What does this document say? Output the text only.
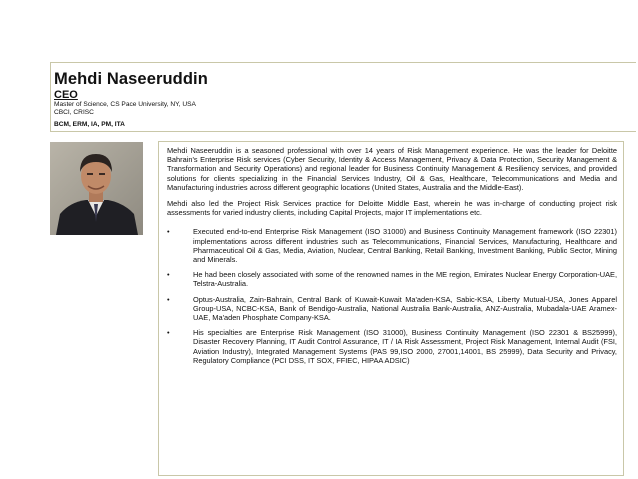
Mehdi Naseeruddin
CEO
Master of Science, CS Pace University, NY, USA
CBCI, CRISC
BCM, ERM, IA, PM, ITA

Mehdi Naseeruddin is a seasoned professional with over 14 years of Risk Management experience. He was the leader for Deloitte Bahrain's Enterprise Risk services (Cyber Security, Identity & Access Management, Privacy & Data Protection, Security Management & Transformation and Security Operations) and regional leader for Business Continuity Management & Resiliency services, and provided solutions for clients specializing in the Financial Services Industry, Oil & Gas, Healthcare, Telecommunications and Media and Manufacturing industries across different geographic locations (United States, Australia and the Middle-East).

Mehdi also led the Project Risk Services practice for Deloitte Middle East, wherein he was in-charge of conducting project risk assessments for varied industry clients, including Capital Projects, major IT implementations etc.

•	Executed end-to-end Enterprise Risk Management (ISO 31000) and Business Continuity Management framework (ISO 22301) implementations across different industries such as Telecommunications, Financial Services, Manufacturing, Healthcare and Pharmaceutical Oil & Gas, Media, Aviation, Nuclear, Central Banking, Retail Banking, Investment Banking, Public Sector, Mining and Minerals.
•	He had been closely associated with some of the renowned names in the ME region, Emirates Nuclear Energy Corporation-UAE, Telstra-Australia.
•	Optus-Australia, Zain-Bahrain, Central Bank of Kuwait-Kuwait Ma'aden-KSA, Sabic-KSA, Liberty Mutual-USA, Jones Apparel Group-USA, NCBC-KSA, Bank of Bendigo-Australia, National Australia Bank-Australia, ANZ-Australia, Mubadala-UAE Aramex-UAE, Ma'aden Phosphate Company-KSA.
•	His specialties are Enterprise Risk Management (ISO 31000), Business Continuity Management (ISO 22301 & BS25999), Disaster Recovery Planning, IT Audit Control Assurance, IT / IA Risk Assessment, Project Risk Management, Internal Audit (FSI, Aviation Industry), Integrated Management Systems (PAS 99,ISO 2000, 27001,14001, BS 25999), Data Security and Privacy, Regulatory Compliance (PCI DSS, IT SOX, FFIEC, HIPAA ADSIC)
